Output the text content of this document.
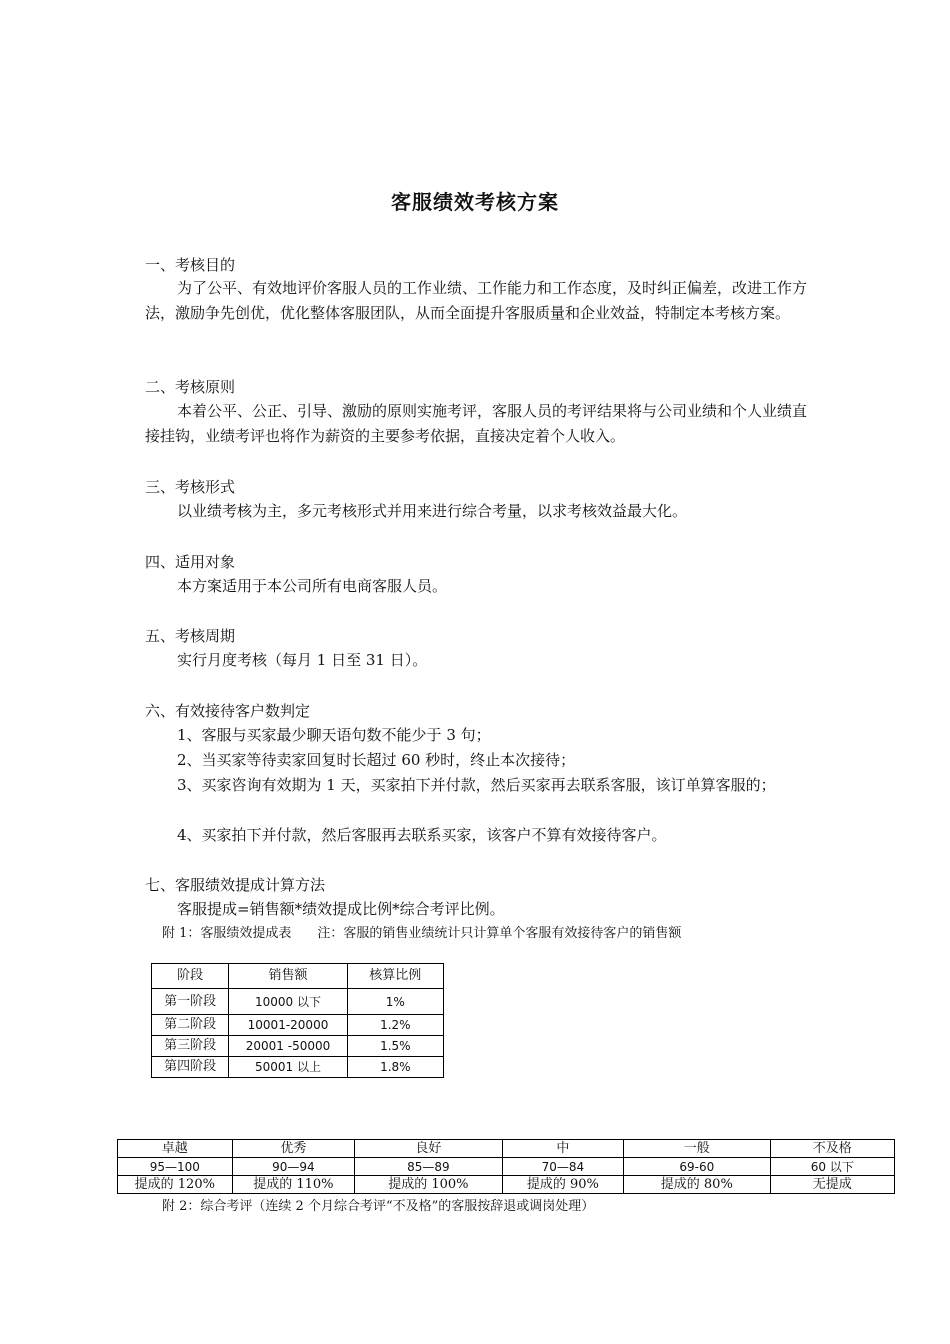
客服绩效考核方案
一、考核目的
为了公平、有效地评价客服人员的工作业绩、工作能力和工作态度，及时纠正偏差，改进工作方法，激励争先创优，优化整体客服团队，从而全面提升客服质量和企业效益，特制定本考核方案。
二、考核原则
本着公平、公正、引导、激励的原则实施考评，客服人员的考评结果将与公司业绩和个人业绩直接挂钩，业绩考评也将作为薪资的主要参考依据，直接决定着个人收入。
三、考核形式
以业绩考核为主，多元考核形式并用来进行综合考量，以求考核效益最大化。
四、适用对象
本方案适用于本公司所有电商客服人员。
五、考核周期
实行月度考核（每月 1 日至 31 日）。
六、有效接待客户数判定
1、客服与买家最少聊天语句数不能少于 3 句；
2、当买家等待卖家回复时长超过 60 秒时，终止本次接待；
3、买家咨询有效期为 1 天，买家拍下并付款，然后买家再去联系客服，该订单算客服的；
4、买家拍下并付款，然后客服再去联系买家，该客户不算有效接待客户。
七、客服绩效提成计算方法
客服提成=销售额*绩效提成比例*综合考评比例。
附 1：客服绩效提成表　　注：客服的销售业绩统计只计算单个客服有效接待客户的销售额
阶段	销售额	核算比例
第一阶段	10000 以下	1%
第二阶段	10001-20000	1.2%
第三阶段	20001 -50000	1.5%
第四阶段	50001 以上	1.8%
卓越	优秀	良好	中	一般	不及格
95—100	90—94	85—89	70—84	69-60	60 以下
提成的 120%	提成的 110%	提成的 100%	提成的 90%	提成的 80%	无提成
附 2：综合考评（连续 2 个月综合考评“不及格”的客服按辞退或调岗处理）
